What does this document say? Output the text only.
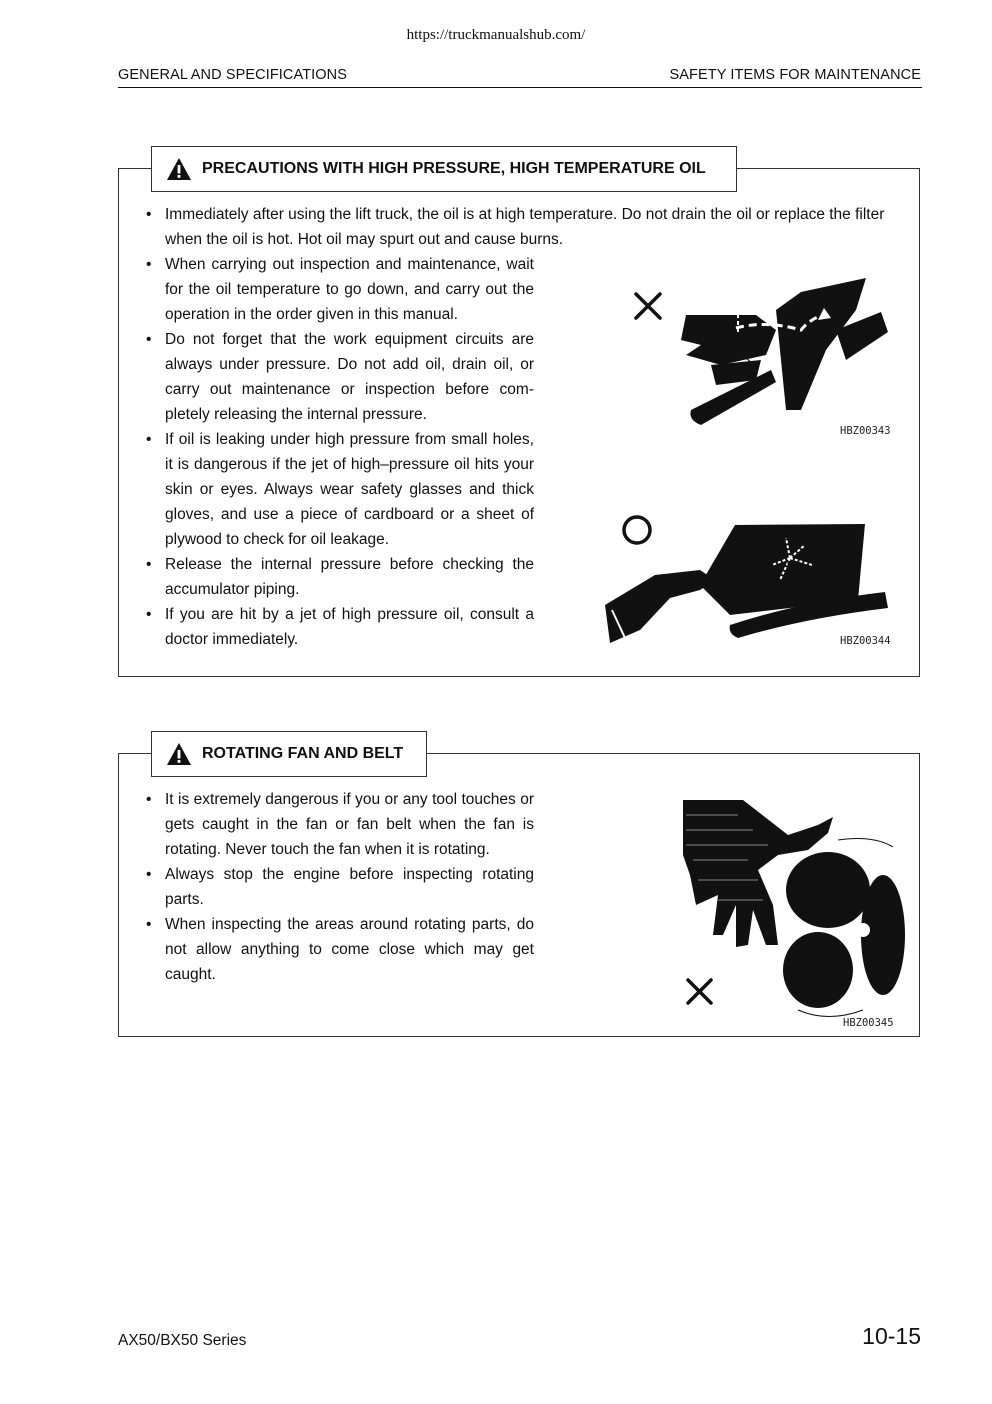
https://truckmanualshub.com/
GENERAL AND SPECIFICATIONS	SAFETY ITEMS FOR MAINTENANCE
PRECAUTIONS WITH HIGH PRESSURE, HIGH TEMPERATURE OIL
• Immediately after using the lift truck, the oil is at high temperature. Do not drain the oil or replace the filter when the oil is hot. Hot oil may spurt out and cause burns.
• When carrying out inspection and maintenance, wait for the oil temperature to go down, and carry out the operation in the order given in this manual.
• Do not forget that the work equipment circuits are always under pressure. Do not add oil, drain oil, or carry out maintenance or inspection before com-pletely releasing the internal pressure.
• If oil is leaking under high pressure from small holes, it is dangerous if the jet of high–pressure oil hits your skin or eyes. Always wear safety glasses and thick gloves, and use a piece of cardboard or a sheet of plywood to check for oil leakage.
• Release the internal pressure before checking the accumulator piping.
• If you are hit by a jet of high pressure oil, consult a doctor immediately.
HBZ00343
HBZ00344
ROTATING FAN AND BELT
• It is extremely dangerous if you or any tool touches or gets caught in the fan or fan belt when the fan is rotating. Never touch the fan when it is rotating.
• Always stop the engine before inspecting rotating parts.
• When inspecting the areas around rotating parts, do not allow anything to come close which may get caught.
HBZ00345
AX50/BX50 Series	10-15
